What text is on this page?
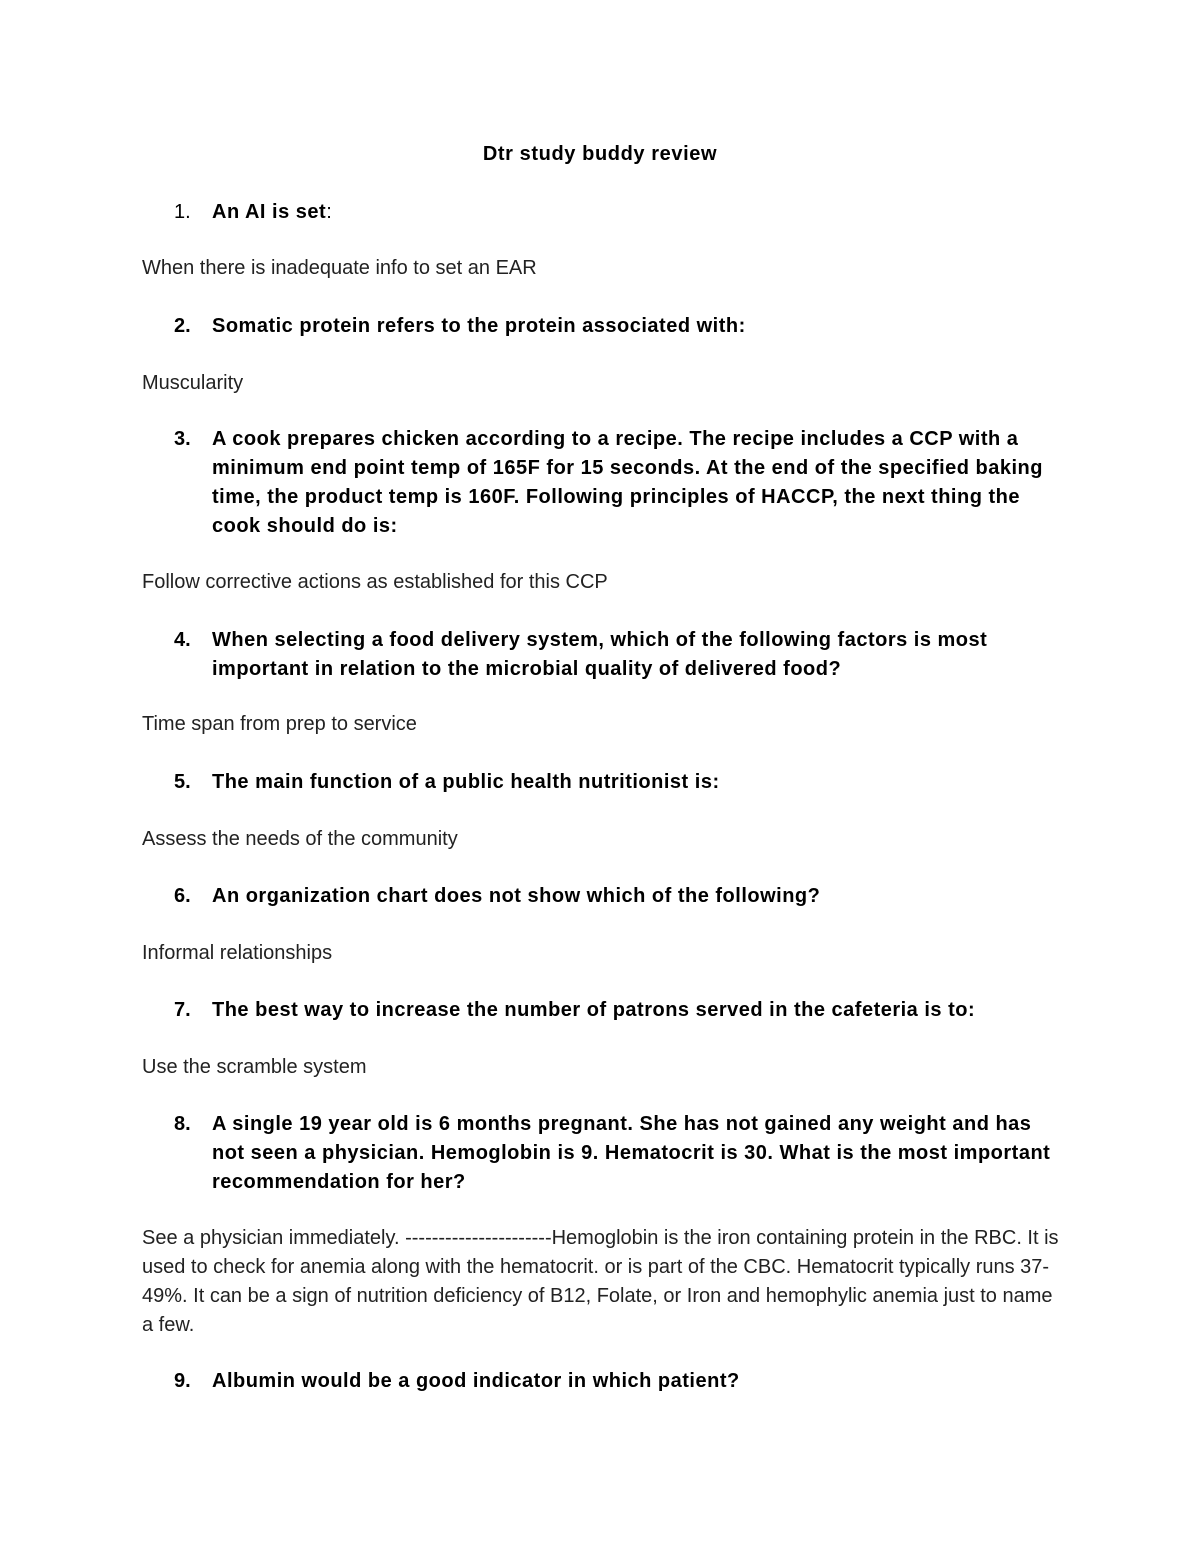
Dtr study buddy review
1. An AI is set:
When there is inadequate info to set an EAR
2. Somatic protein refers to the protein associated with:
Muscularity
3. A cook prepares chicken according to a recipe. The recipe includes a CCP with a minimum end point temp of 165F for 15 seconds. At the end of the specified baking time, the product temp is 160F. Following principles of HACCP, the next thing the cook should do is:
Follow corrective actions as established for this CCP
4. When selecting a food delivery system, which of the following factors is most important in relation to the microbial quality of delivered food?
Time span from prep to service
5. The main function of a public health nutritionist is:
Assess the needs of the community
6. An organization chart does not show which of the following?
Informal relationships
7. The best way to increase the number of patrons served in the cafeteria is to:
Use the scramble system
8. A single 19 year old is 6 months pregnant. She has not gained any weight and has not seen a physician. Hemoglobin is 9. Hematocrit is 30. What is the most important recommendation for her?
See a physician immediately. ----------------------Hemoglobin is the iron containing protein in the RBC. It is used to check for anemia along with the hematocrit. or is part of the CBC. Hematocrit typically runs 37-49%. It can be a sign of nutrition deficiency of B12, Folate, or Iron and hemophylic anemia just to name a few.
9. Albumin would be a good indicator in which patient?
